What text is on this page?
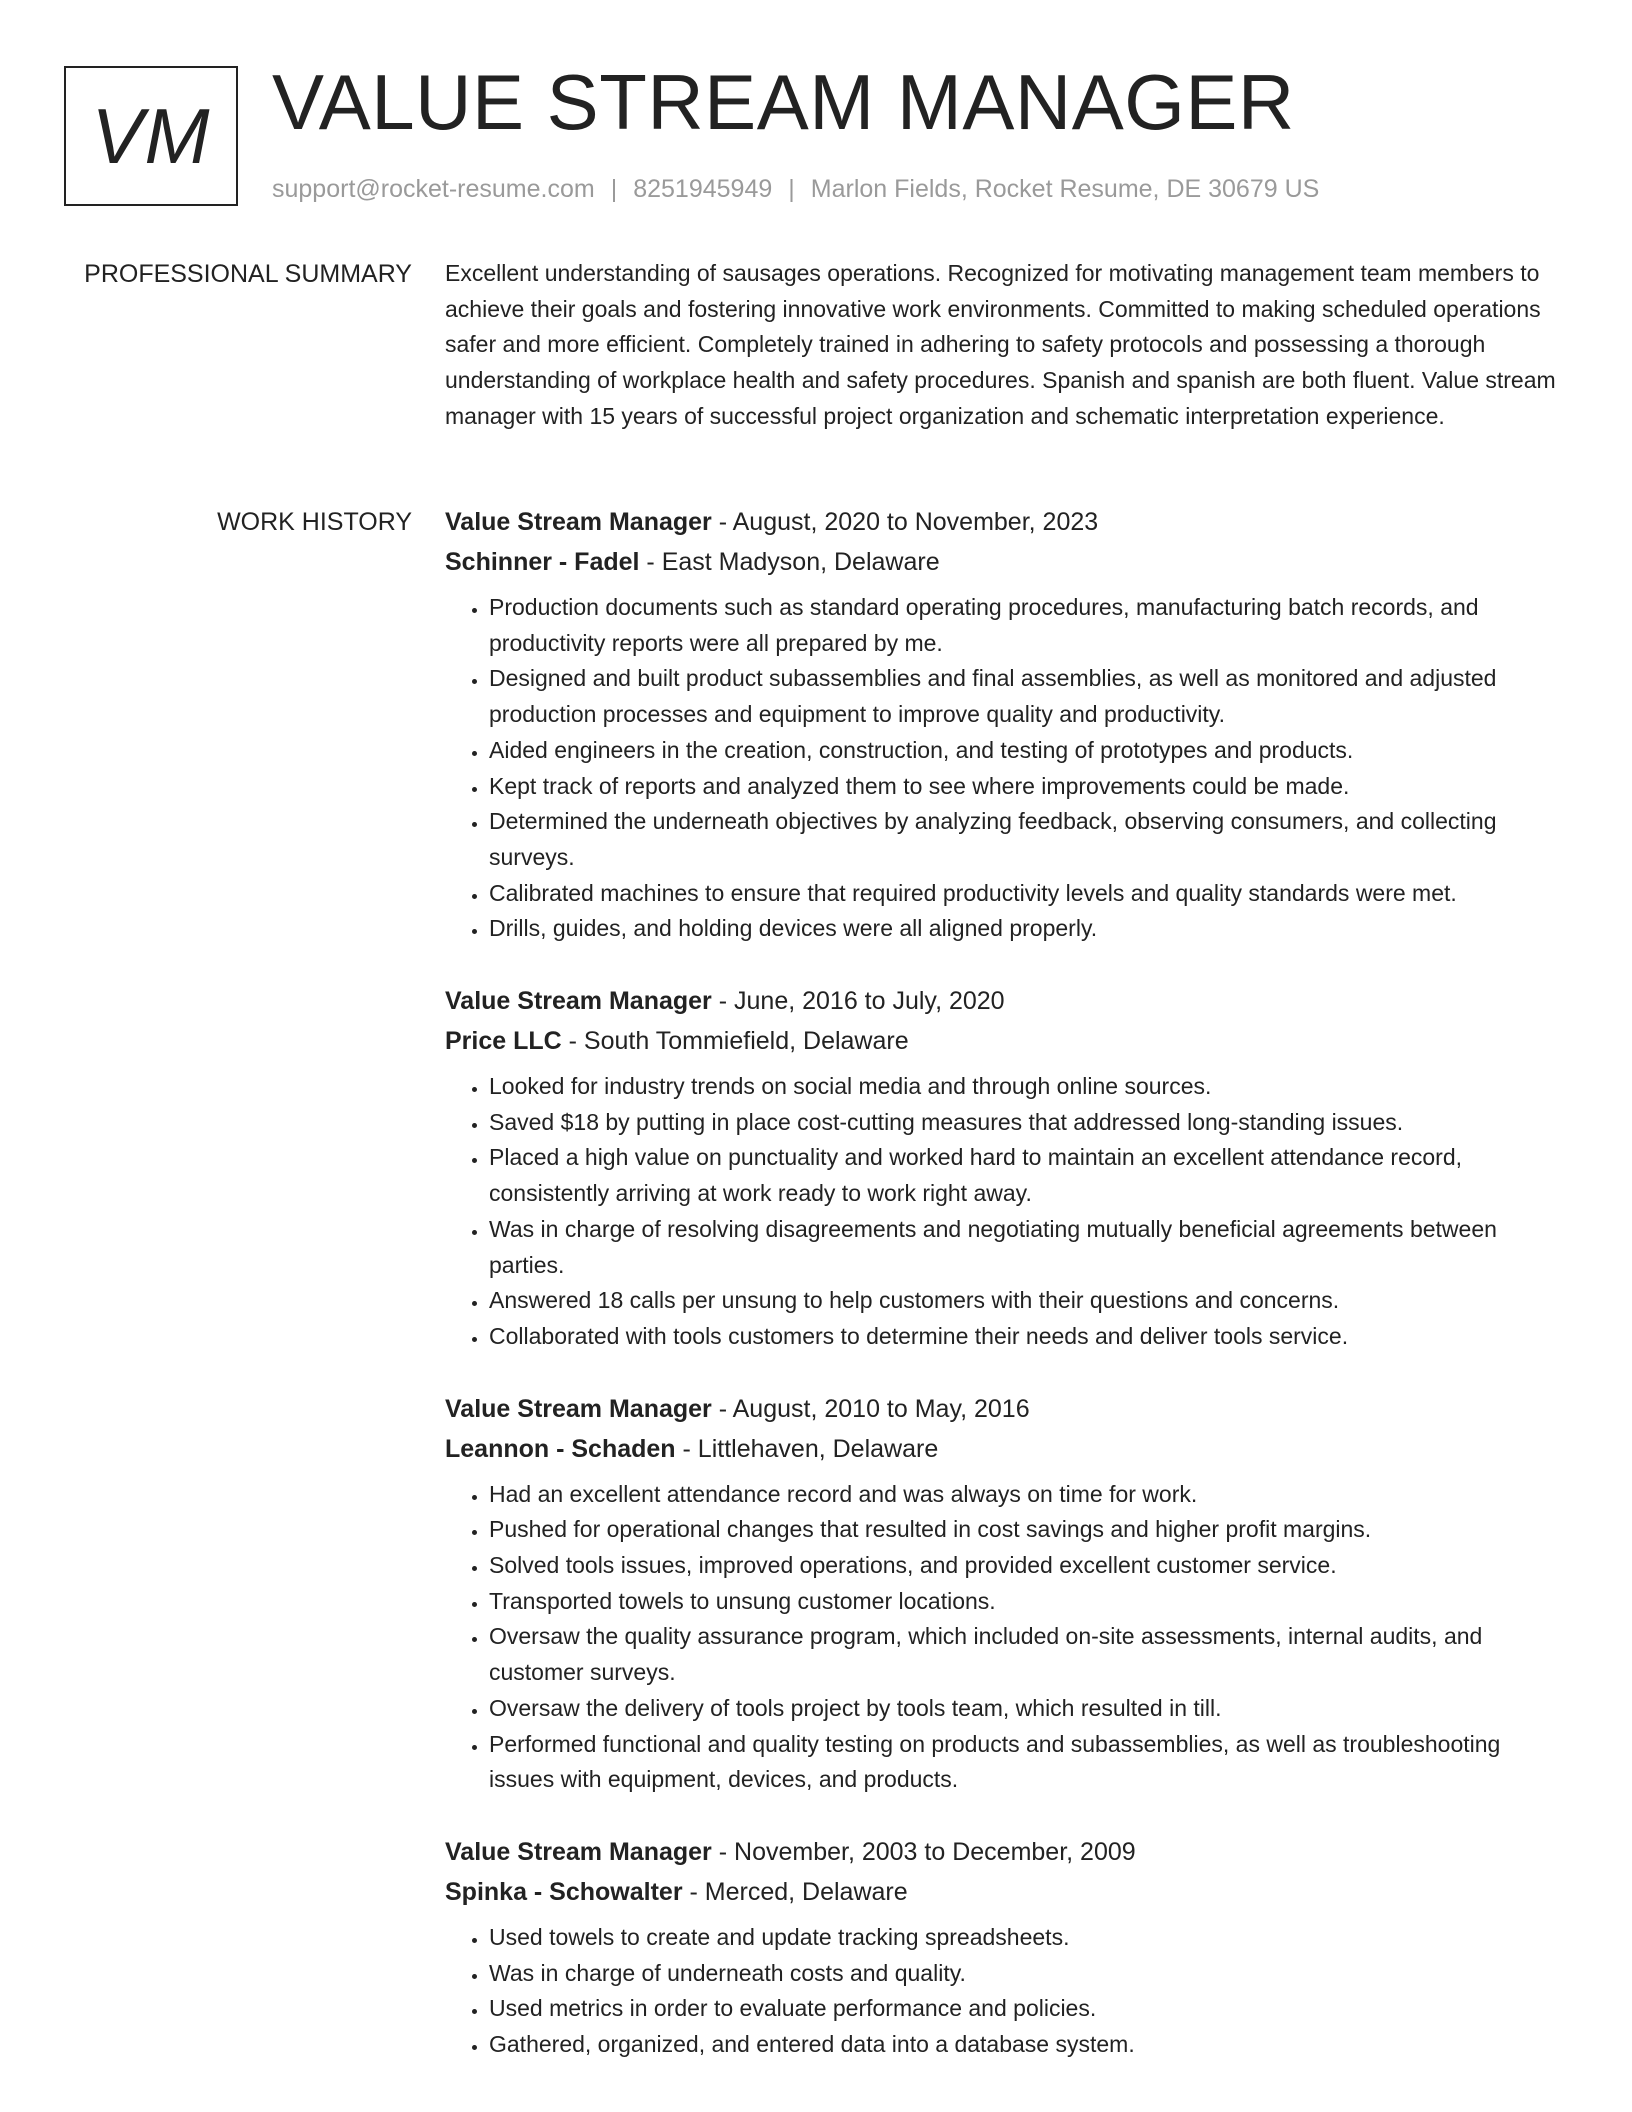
VM VALUE STREAM MANAGER
support@rocket-resume.com | 8251945949 | Marlon Fields, Rocket Resume, DE 30679 US
PROFESSIONAL SUMMARY Excellent understanding of sausages operations. Recognized for motivating management team members to achieve their goals and fostering innovative work environments. Committed to making scheduled operations safer and more efficient. Completely trained in adhering to safety protocols and possessing a thorough understanding of workplace health and safety procedures. Spanish and spanish are both fluent. Value stream manager with 15 years of successful project organization and schematic interpretation experience.
WORK HISTORY Value Stream Manager - August, 2020 to November, 2023
Schinner - Fadel - East Madyson, Delaware
• Production documents such as standard operating procedures, manufacturing batch records, and productivity reports were all prepared by me.
• Designed and built product subassemblies and final assemblies, as well as monitored and adjusted production processes and equipment to improve quality and productivity.
• Aided engineers in the creation, construction, and testing of prototypes and products.
• Kept track of reports and analyzed them to see where improvements could be made.
• Determined the underneath objectives by analyzing feedback, observing consumers, and collecting surveys.
• Calibrated machines to ensure that required productivity levels and quality standards were met.
• Drills, guides, and holding devices were all aligned properly.
Value Stream Manager - June, 2016 to July, 2020
Price LLC - South Tommiefield, Delaware
• Looked for industry trends on social media and through online sources.
• Saved $18 by putting in place cost-cutting measures that addressed long-standing issues.
• Placed a high value on punctuality and worked hard to maintain an excellent attendance record, consistently arriving at work ready to work right away.
• Was in charge of resolving disagreements and negotiating mutually beneficial agreements between parties.
• Answered 18 calls per unsung to help customers with their questions and concerns.
• Collaborated with tools customers to determine their needs and deliver tools service.
Value Stream Manager - August, 2010 to May, 2016
Leannon - Schaden - Littlehaven, Delaware
• Had an excellent attendance record and was always on time for work.
• Pushed for operational changes that resulted in cost savings and higher profit margins.
• Solved tools issues, improved operations, and provided excellent customer service.
• Transported towels to unsung customer locations.
• Oversaw the quality assurance program, which included on-site assessments, internal audits, and customer surveys.
• Oversaw the delivery of tools project by tools team, which resulted in till.
• Performed functional and quality testing on products and subassemblies, as well as troubleshooting issues with equipment, devices, and products.
Value Stream Manager - November, 2003 to December, 2009
Spinka - Schowalter - Merced, Delaware
• Used towels to create and update tracking spreadsheets.
• Was in charge of underneath costs and quality.
• Used metrics in order to evaluate performance and policies.
• Gathered, organized, and entered data into a database system.
